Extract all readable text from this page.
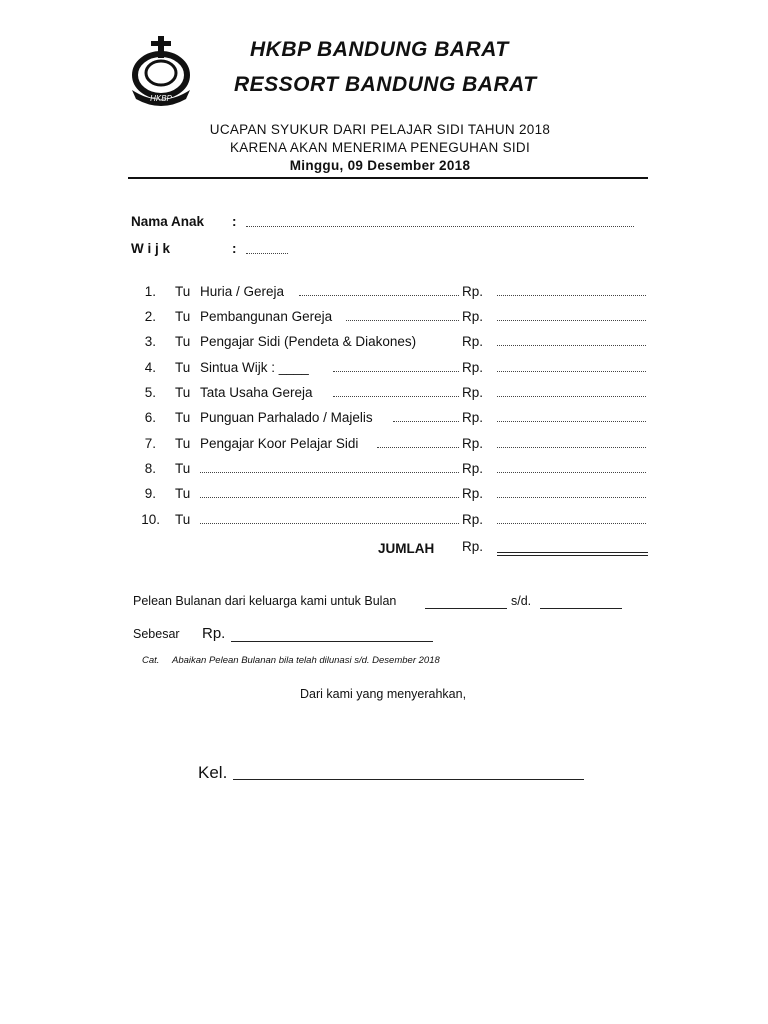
HKBP
HKBP BANDUNG BARAT
RESSORT BANDUNG BARAT
UCAPAN SYUKUR DARI PELAJAR SIDI TAHUN 2018
KARENA AKAN MENERIMA PENEGUHAN SIDI
Minggu, 09 Desember 2018
Nama Anak :
W i j k	:
1. Tu Huria / Gereja	Rp.
2. Tu Pembangunan Gereja	Rp.
3. Tu Pengajar Sidi (Pendeta & Diakones)	Rp.
4. Tu Sintua Wijk : ____	Rp.
5. Tu Tata Usaha Gereja	Rp.
6. Tu Punguan Parhalado / Majelis	Rp.
7. Tu Pengajar Koor Pelajar Sidi	Rp.
8. Tu	Rp.
9. Tu	Rp.
10. Tu	Rp.
JUMLAH Rp.
Pelean Bulanan dari keluarga kami untuk Bulan	s/d.
Sebesar Rp.
Cat. Abaikan Pelean Bulanan bila telah dilunasi s/d. Desember 2018
Dari kami yang menyerahkan,
Kel.
